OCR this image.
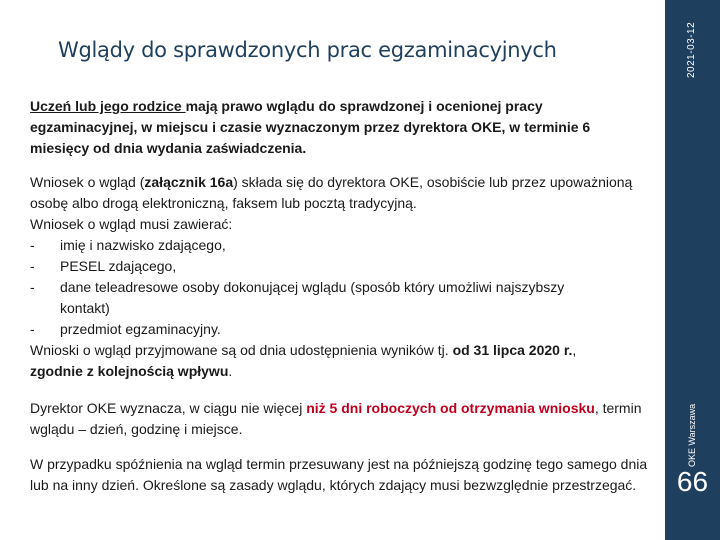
2021-03-12
OKE Warszawa
66
Wglądy do sprawdzonych prac egzaminacyjnych

Uczeń lub jego rodzice mają prawo wglądu do sprawdzonej i ocenionej pracy egzaminacyjnej, w miejscu i czasie wyznaczonym przez dyrektora OKE, w terminie 6 miesięcy od dnia wydania zaświadczenia.

Wniosek o wgląd (załącznik 16a) składa się do dyrektora OKE, osobiście lub przez upoważnioną osobę albo drogą elektroniczną, faksem lub pocztą tradycyjną.

Wniosek o wgląd musi zawierać:

-	imię i nazwisko zdającego,
-	PESEL zdającego,
-	dane teleadresowe osoby dokonującej wglądu (sposób który umożliwi najszybszy

kontakt)

-	przedmiot egzaminacyjny.

Wnioski o wgląd przyjmowane są od dnia udostępnienia wyników tj. od 31 lipca 2020 r.,

zgodnie z kolejnością wpływu.

Dyrektor OKE wyznacza, w ciągu nie więcej niż 5 dni roboczych od otrzymania wniosku, termin wglądu – dzień, godzinę i miejsce.

W przypadku spóźnienia na wgląd termin przesuwany jest na późniejszą godzinę tego samego dnia lub na inny dzień. Określone są zasady wglądu, których zdający musi bezwzględnie przestrzegać.
